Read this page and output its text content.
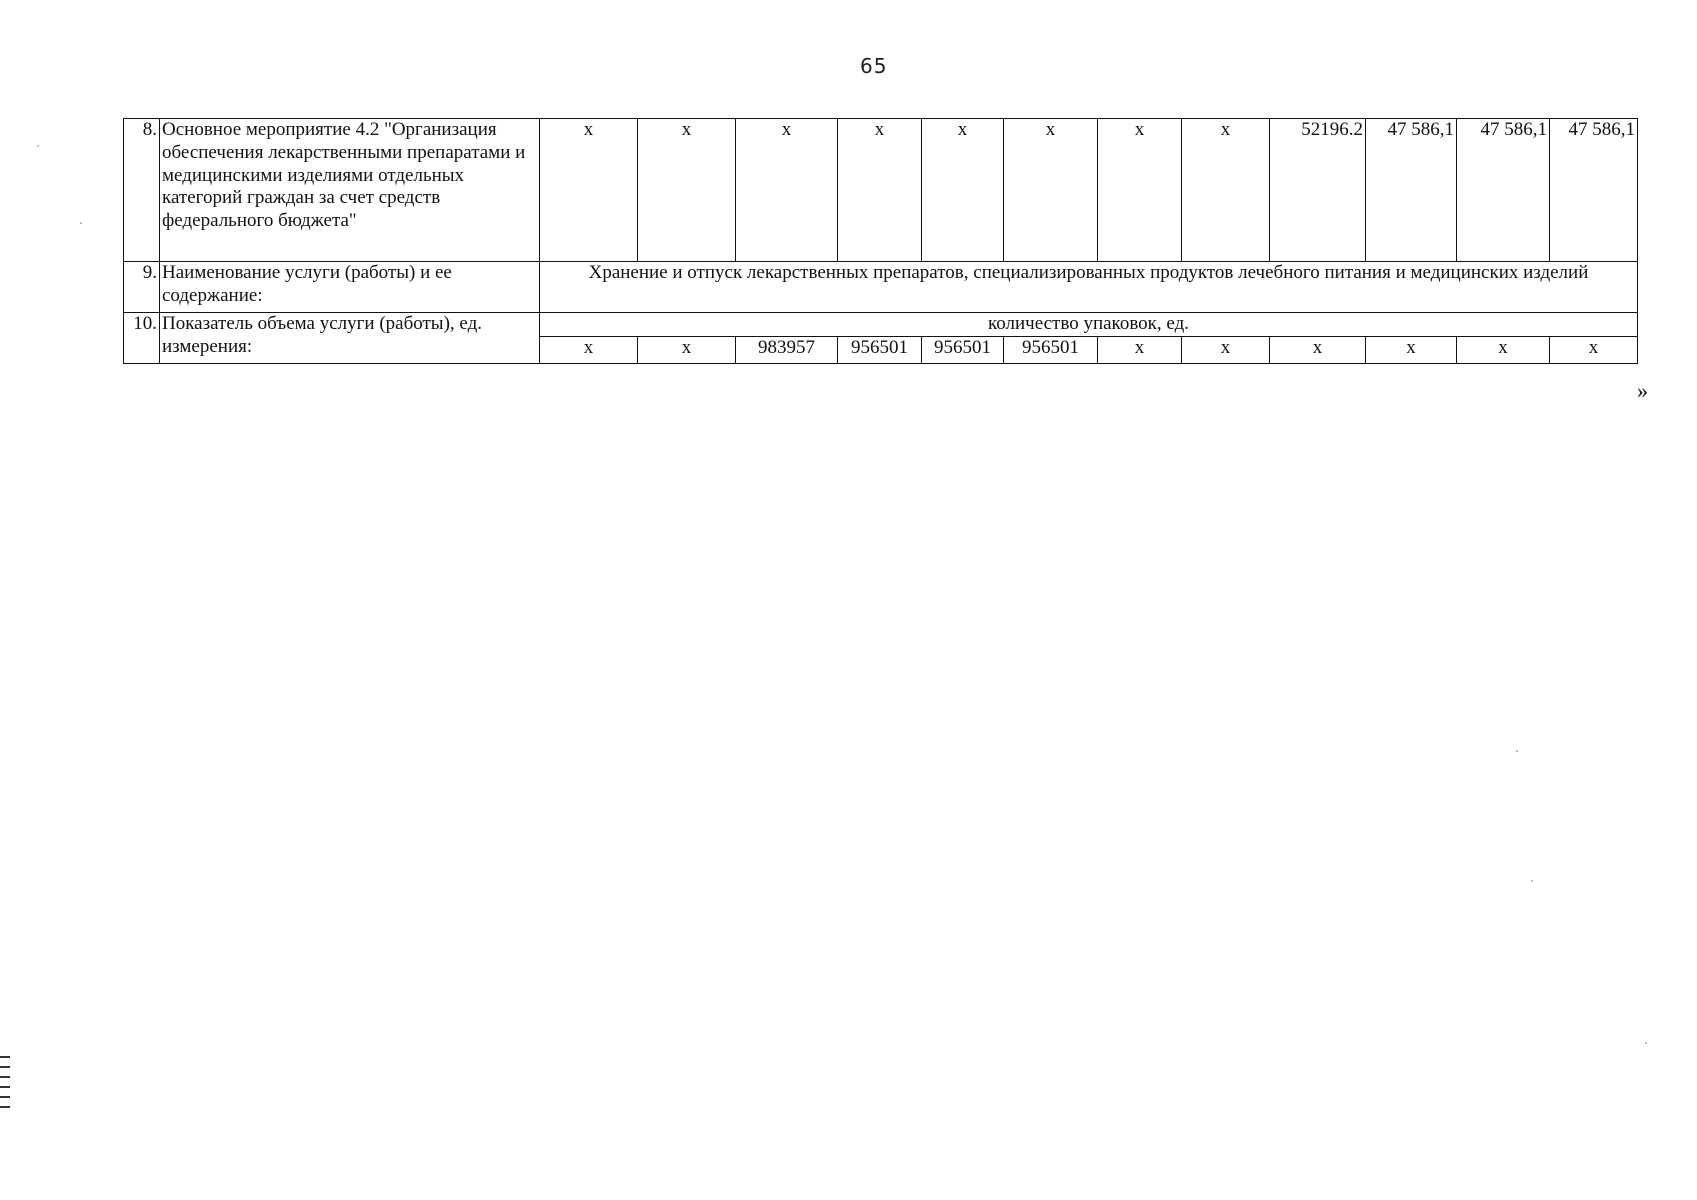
65
8.	Основное мероприятие 4.2 "Организация обеспечения лекарственными препаратами и медицинскими изделиями отдельных категорий граждан за счет средств федерального бюджета"	x	x	x	x	x	x	x	x	52196.2	47 586,1	47 586,1	47 586,1
9.	Наименование услуги (работы) и ее содержание:	Хранение и отпуск лекарственных препаратов, специализированных продуктов лечебного питания и медицинских изделий											
10.	Показатель объема услуги (работы), ед. измерения:	количество упаковок, ед.											
		x	x	983957	956501	956501	956501	x	x	x	x	x	x
»
